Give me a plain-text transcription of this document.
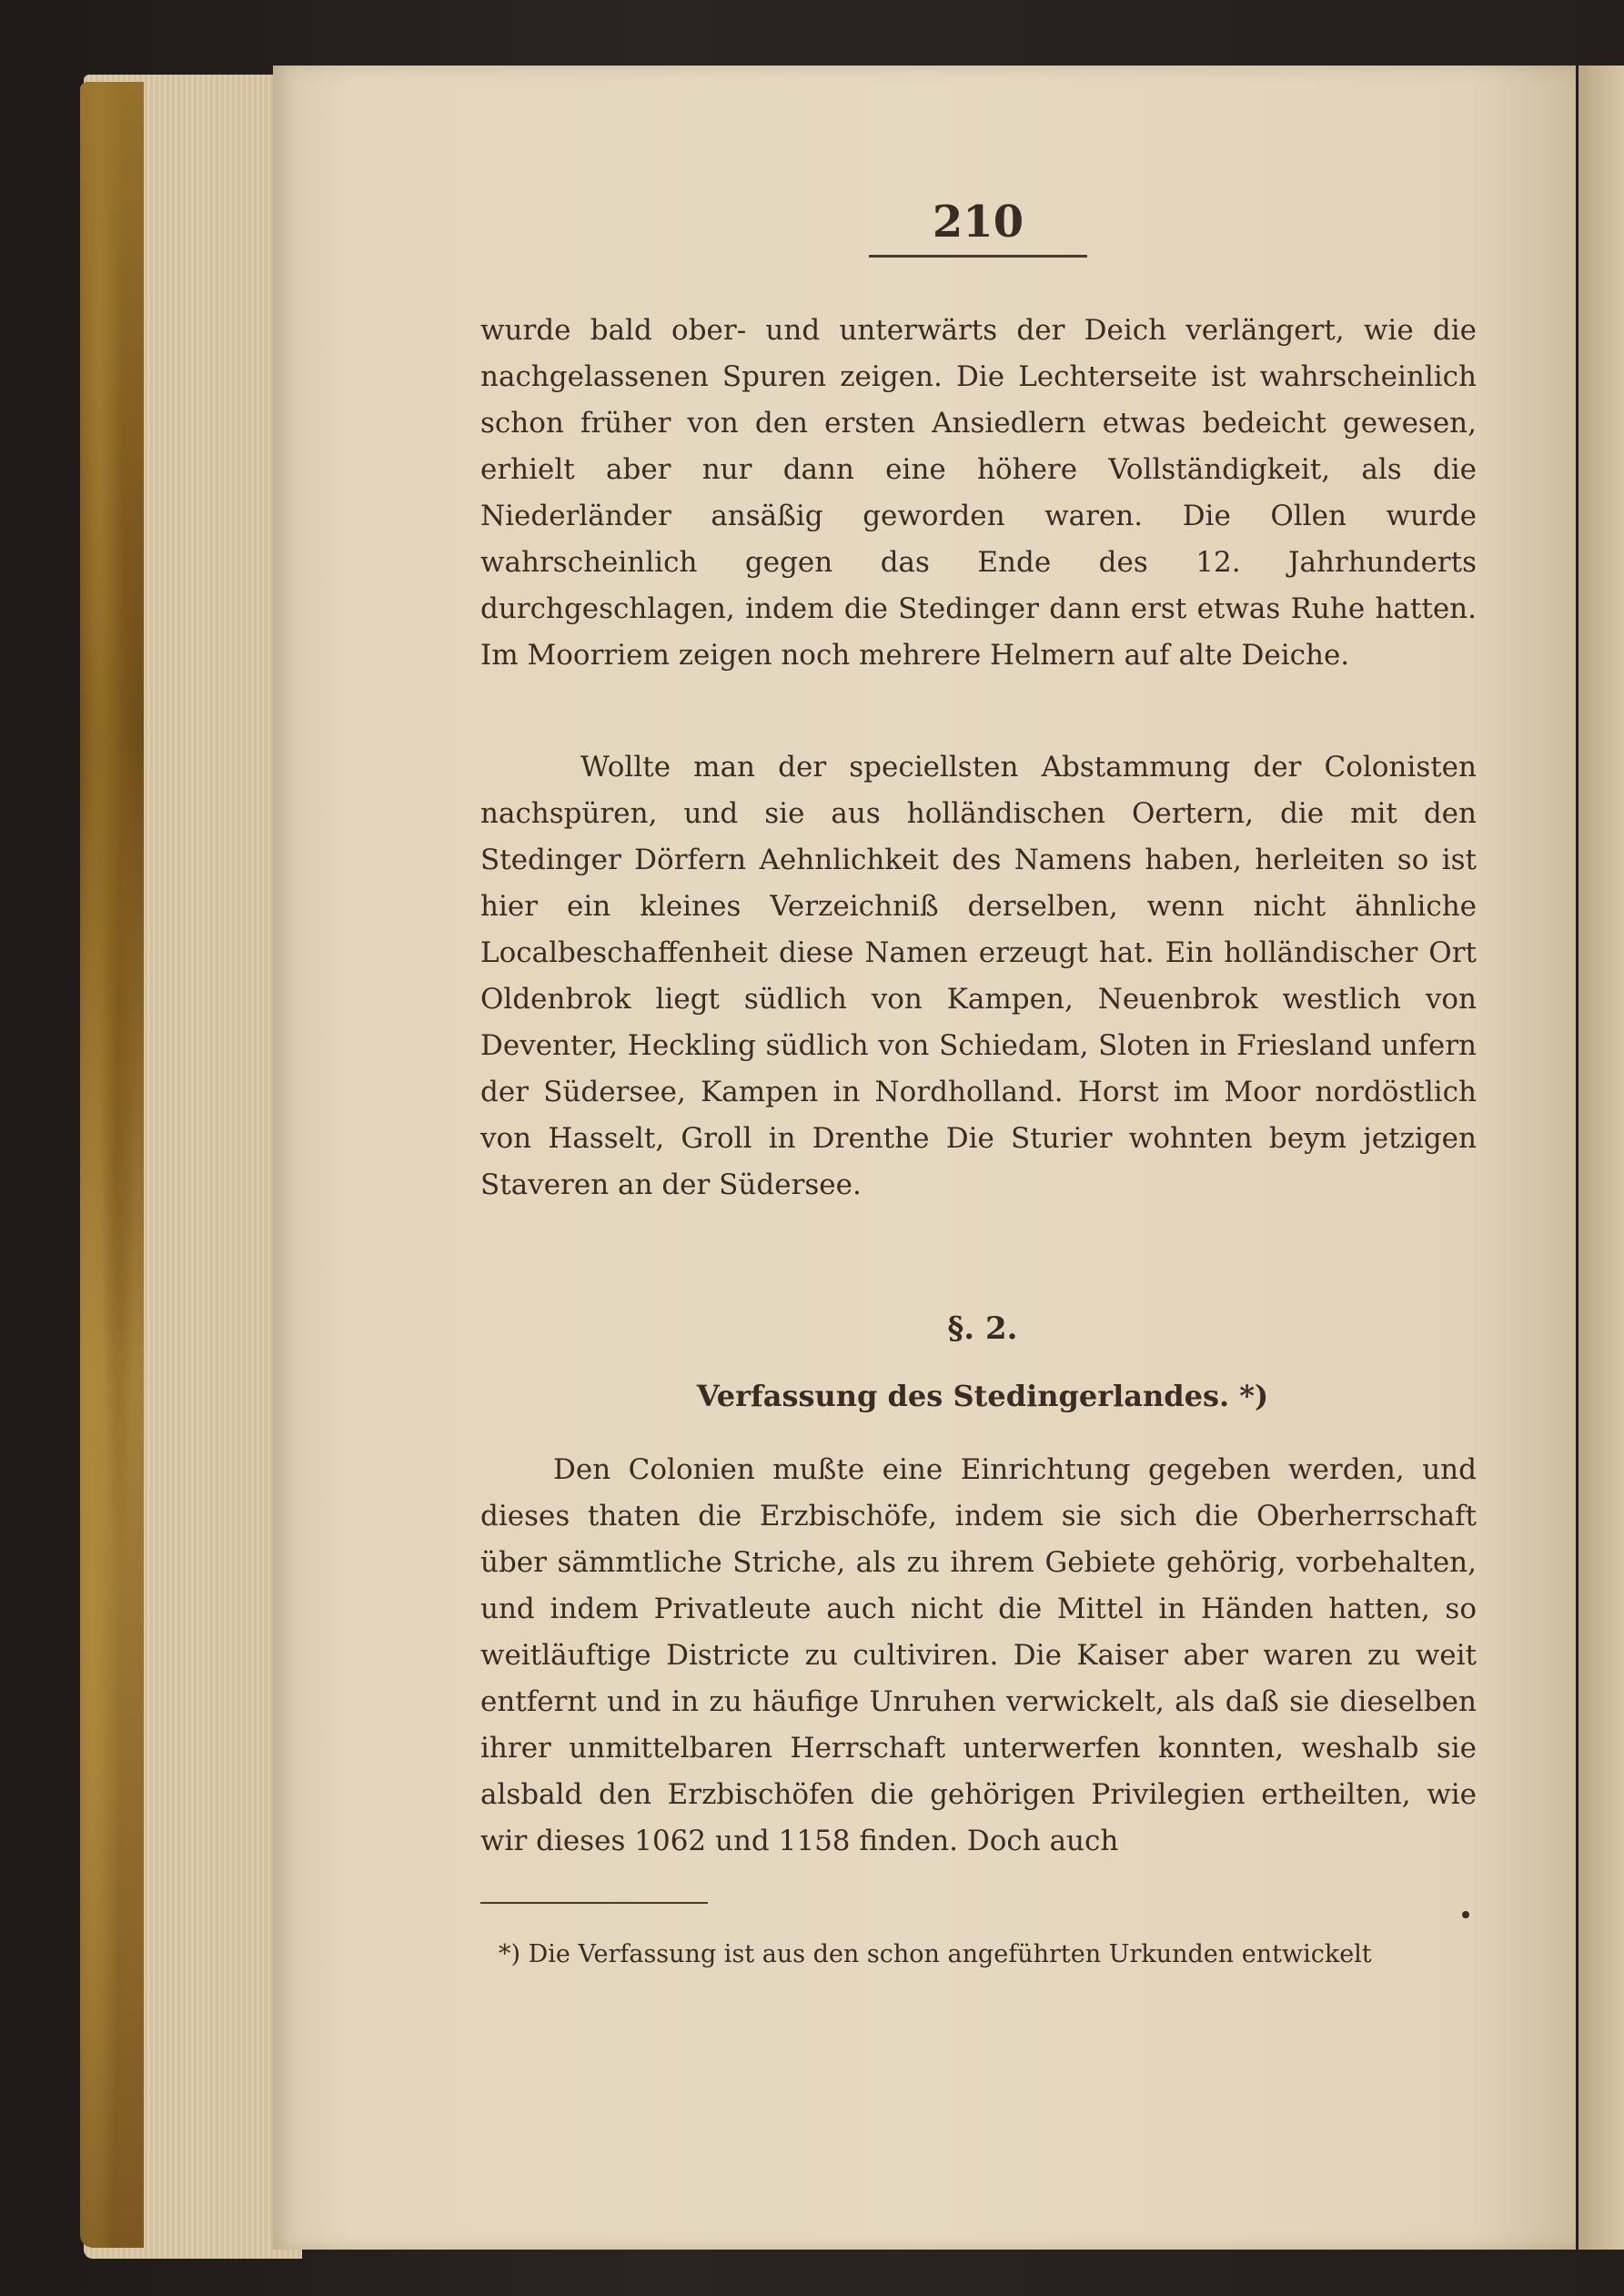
210

wurde bald ober- und unterwärts der Deich verlängert, wie die nachgelassenen Spuren zeigen. Die Lechterseite ist wahrscheinlich schon früher von den ersten Ansiedlern etwas bedeicht gewesen, erhielt aber nur dann eine höhere Vollständigkeit, als die Niederländer ansäßig geworden waren. Die Ollen wurde wahrscheinlich gegen das Ende des 12. Jahrhunderts durchgeschlagen, indem die Stedinger dann erst etwas Ruhe hatten. Im Moorriem zeigen noch mehrere Helmern auf alte Deiche.

Wollte man der speciellsten Abstammung der Colonisten nachspüren, und sie aus holländischen Oertern, die mit den Stedinger Dörfern Aehnlichkeit des Namens haben, herleiten so ist hier ein kleines Verzeichniß derselben, wenn nicht ähnliche Localbeschaffenheit diese Namen erzeugt hat. Ein holländischer Ort Oldenbrok liegt südlich von Kampen, Neuenbrok westlich von Deventer, Heckling südlich von Schiedam, Sloten in Friesland unfern der Südersee, Kampen in Nordholland. Horst im Moor nordöstlich von Hasselt, Groll in Drenthe Die Sturier wohnten beym jetzigen Staveren an der Südersee.

§. 2.
Verfassung des Stedingerlandes. *)

Den Colonien mußte eine Einrichtung gegeben werden, und dieses thaten die Erzbischöfe, indem sie sich die Oberherrschaft über sämmtliche Striche, als zu ihrem Gebiete gehörig, vorbehalten, und indem Privatleute auch nicht die Mittel in Händen hatten, so weitläuftige Districte zu cultiviren. Die Kaiser aber waren zu weit entfernt und in zu häufige Unruhen verwickelt, als daß sie dieselben ihrer unmittelbaren Herrschaft unterwerfen konnten, weshalb sie alsbald den Erzbischöfen die gehörigen Privilegien ertheilten, wie wir dieses 1062 und 1158 finden. Doch auch

*) Die Verfassung ist aus den schon angeführten Urkunden entwickelt
